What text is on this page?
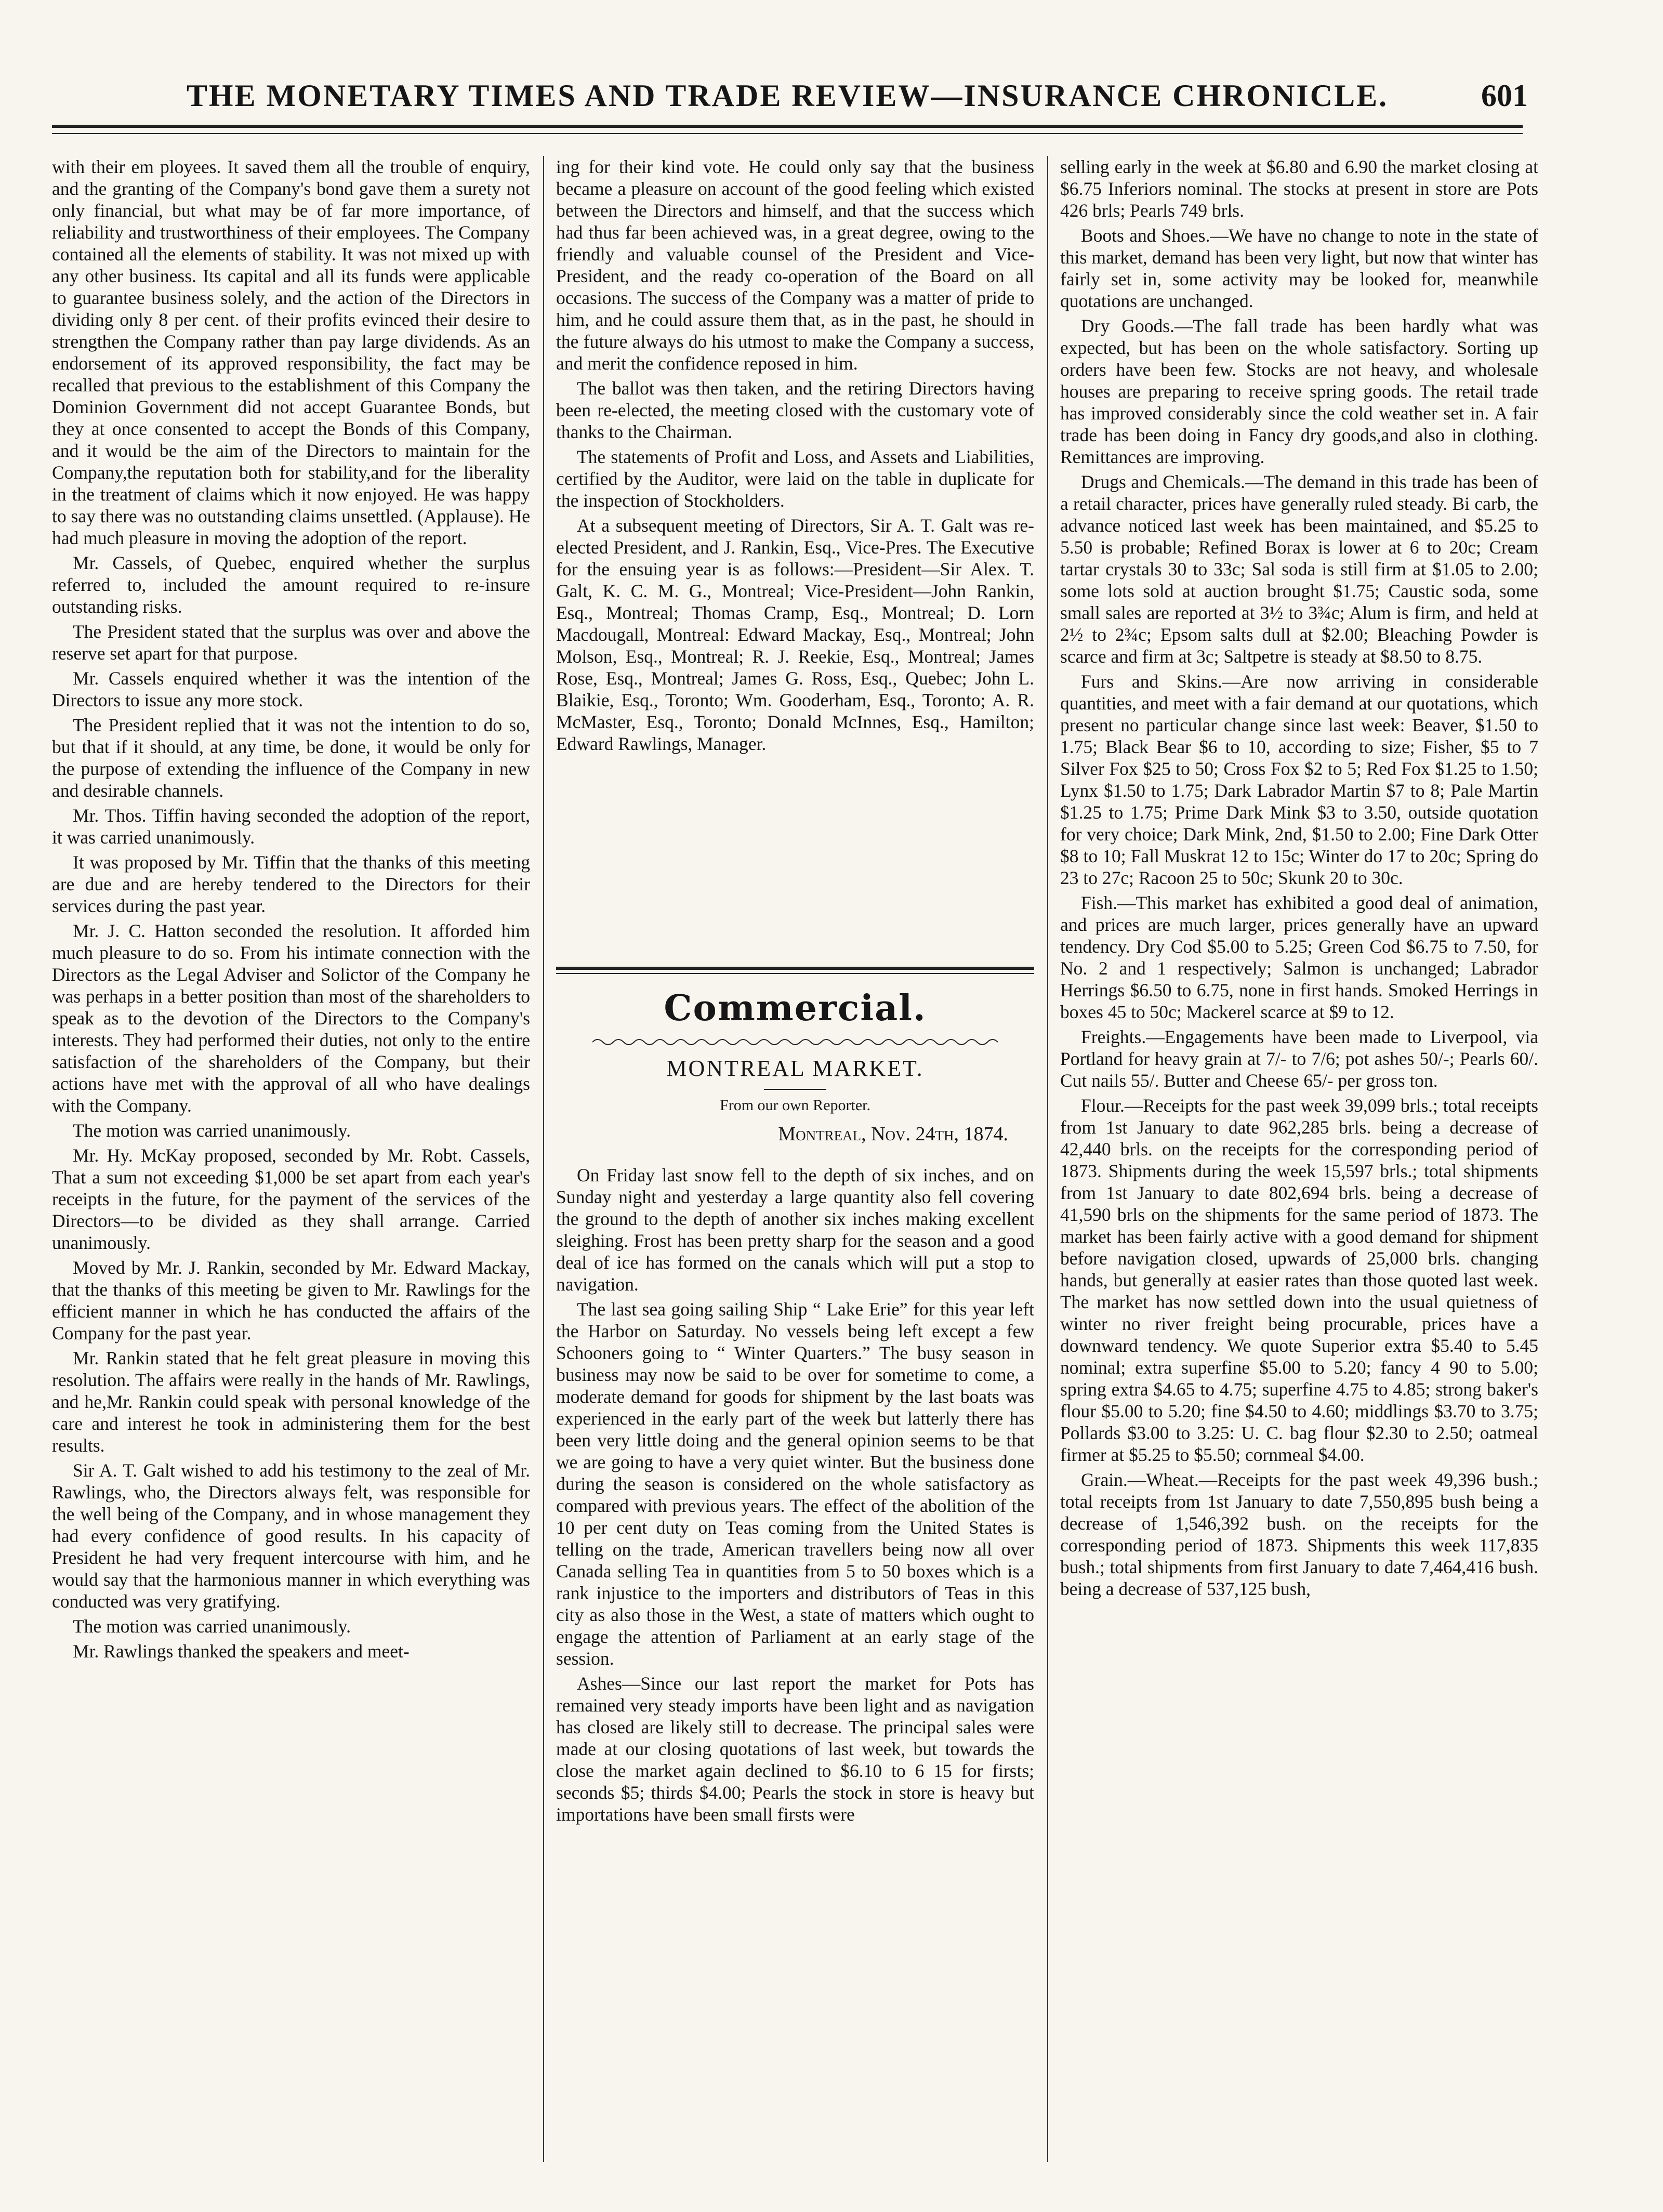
THE MONETARY TIMES AND TRADE REVIEW—INSURANCE CHRONICLE.	601

with their em ployees. It saved them all the trouble of enquiry, and the granting of the Company's bond gave them a surety not only financial, but what may be of far more importance, of reliability and trustworthiness of their employees. The Company contained all the elements of stability. It was not mixed up with any other business. Its capital and all its funds were applicable to guarantee business solely, and the action of the Directors in dividing only 8 per cent. of their profits evinced their desire to strengthen the Company rather than pay large dividends. As an endorsement of its approved responsibility, the fact may be recalled that previous to the establishment of this Company the Dominion Government did not accept Guarantee Bonds, but they at once consented to accept the Bonds of this Company, and it would be the aim of the Directors to maintain for the Company,the reputation both for stability,and for the liberality in the treatment of claims which it now enjoyed. He was happy to say there was no outstanding claims unsettled. (Applause). He had much pleasure in moving the adoption of the report.

Mr. Cassels, of Quebec, enquired whether the surplus referred to, included the amount required to re-insure outstanding risks.

The President stated that the surplus was over and above the reserve set apart for that purpose.

Mr. Cassels enquired whether it was the intention of the Directors to issue any more stock.

The President replied that it was not the intention to do so, but that if it should, at any time, be done, it would be only for the purpose of extending the influence of the Company in new and desirable channels.

Mr. Thos. Tiffin having seconded the adoption of the report, it was carried unanimously.

It was proposed by Mr. Tiffin that the thanks of this meeting are due and are hereby tendered to the Directors for their services during the past year.

Mr. J. C. Hatton seconded the resolution. It afforded him much pleasure to do so. From his intimate connection with the Directors as the Legal Adviser and Solictor of the Company he was perhaps in a better position than most of the shareholders to speak as to the devotion of the Directors to the Company's interests. They had performed their duties, not only to the entire satisfaction of the shareholders of the Company, but their actions have met with the approval of all who have dealings with the Company.

The motion was carried unanimously.

Mr. Hy. McKay proposed, seconded by Mr. Robt. Cassels, That a sum not exceeding $1,000 be set apart from each year's receipts in the future, for the payment of the services of the Directors—to be divided as they shall arrange. Carried unanimously.

Moved by Mr. J. Rankin, seconded by Mr. Edward Mackay, that the thanks of this meeting be given to Mr. Rawlings for the efficient manner in which he has conducted the affairs of the Company for the past year.

Mr. Rankin stated that he felt great pleasure in moving this resolution. The affairs were really in the hands of Mr. Rawlings, and he,Mr. Rankin could speak with personal knowledge of the care and interest he took in administering them for the best results.

Sir A. T. Galt wished to add his testimony to the zeal of Mr. Rawlings, who, the Directors always felt, was responsible for the well being of the Company, and in whose management they had every confidence of good results. In his capacity of President he had very frequent intercourse with him, and he would say that the harmonious manner in which everything was conducted was very gratifying.

The motion was carried unanimously.

Mr. Rawlings thanked the speakers and meet-

ing for their kind vote. He could only say that the business became a pleasure on account of the good feeling which existed between the Directors and himself, and that the success which had thus far been achieved was, in a great degree, owing to the friendly and valuable counsel of the President and Vice-President, and the ready co-operation of the Board on all occasions. The success of the Company was a matter of pride to him, and he could assure them that, as in the past, he should in the future always do his utmost to make the Company a success, and merit the confidence reposed in him.

The ballot was then taken, and the retiring Directors having been re-elected, the meeting closed with the customary vote of thanks to the Chairman.

The statements of Profit and Loss, and Assets and Liabilities, certified by the Auditor, were laid on the table in duplicate for the inspection of Stockholders.

At a subsequent meeting of Directors, Sir A. T. Galt was re-elected President, and J. Rankin, Esq., Vice-Pres. The Executive for the ensuing year is as follows:—President—Sir Alex. T. Galt, K. C. M. G., Montreal; Vice-President—John Rankin, Esq., Montreal; Thomas Cramp, Esq., Montreal; D. Lorn Macdougall, Montreal: Edward Mackay, Esq., Montreal; John Molson, Esq., Montreal; R. J. Reekie, Esq., Montreal; James Rose, Esq., Montreal; James G. Ross, Esq., Quebec; John L. Blaikie, Esq., Toronto; Wm. Gooderham, Esq., Toronto; A. R. McMaster, Esq., Toronto; Donald McInnes, Esq., Hamilton; Edward Rawlings, Manager.

Commercial.
MONTREAL MARKET.
From our own Reporter.
Montreal, Nov. 24th, 1874.

On Friday last snow fell to the depth of six inches, and on Sunday night and yesterday a large quantity also fell covering the ground to the depth of another six inches making excellent sleighing. Frost has been pretty sharp for the season and a good deal of ice has formed on the canals which will put a stop to navigation.

The last sea going sailing Ship “ Lake Erie” for this year left the Harbor on Saturday. No vessels being left except a few Schooners going to “ Winter Quarters.” The busy season in business may now be said to be over for sometime to come, a moderate demand for goods for shipment by the last boats was experienced in the early part of the week but latterly there has been very little doing and the general opinion seems to be that we are going to have a very quiet winter. But the business done during the season is considered on the whole satisfactory as compared with previous years. The effect of the abolition of the 10 per cent duty on Teas coming from the United States is telling on the trade, American travellers being now all over Canada selling Tea in quantities from 5 to 50 boxes which is a rank injustice to the importers and distributors of Teas in this city as also those in the West, a state of matters which ought to engage the attention of Parliament at an early stage of the session.

Ashes—Since our last report the market for Pots has remained very steady imports have been light and as navigation has closed are likely still to decrease. The principal sales were made at our closing quotations of last week, but towards the close the market again declined to $6.10 to 6 15 for firsts; seconds $5; thirds $4.00; Pearls the stock in store is heavy but importations have been small firsts were

selling early in the week at $6.80 and 6.90 the market closing at $6.75 Inferiors nominal. The stocks at present in store are Pots 426 brls; Pearls 749 brls.

Boots and Shoes.—We have no change to note in the state of this market, demand has been very light, but now that winter has fairly set in, some activity may be looked for, meanwhile quotations are unchanged.

Dry Goods.—The fall trade has been hardly what was expected, but has been on the whole satisfactory. Sorting up orders have been few. Stocks are not heavy, and wholesale houses are preparing to receive spring goods. The retail trade has improved considerably since the cold weather set in. A fair trade has been doing in Fancy dry goods,and also in clothing. Remittances are improving.

Drugs and Chemicals.—The demand in this trade has been of a retail character, prices have generally ruled steady. Bi carb, the advance noticed last week has been maintained, and $5.25 to 5.50 is probable; Refined Borax is lower at 6 to 20c; Cream tartar crystals 30 to 33c; Sal soda is still firm at $1.05 to 2.00; some lots sold at auction brought $1.75; Caustic soda, some small sales are reported at 3½ to 3¾c; Alum is firm, and held at 2½ to 2¾c; Epsom salts dull at $2.00; Bleaching Powder is scarce and firm at 3c; Saltpetre is steady at $8.50 to 8.75.

Furs and Skins.—Are now arriving in considerable quantities, and meet with a fair demand at our quotations, which present no particular change since last week: Beaver, $1.50 to 1.75; Black Bear $6 to 10, according to size; Fisher, $5 to 7 Silver Fox $25 to 50; Cross Fox $2 to 5; Red Fox $1.25 to 1.50; Lynx $1.50 to 1.75; Dark Labrador Martin $7 to 8; Pale Martin $1.25 to 1.75; Prime Dark Mink $3 to 3.50, outside quotation for very choice; Dark Mink, 2nd, $1.50 to 2.00; Fine Dark Otter $8 to 10; Fall Muskrat 12 to 15c; Winter do 17 to 20c; Spring do 23 to 27c; Racoon 25 to 50c; Skunk 20 to 30c.

Fish.—This market has exhibited a good deal of animation, and prices are much larger, prices generally have an upward tendency. Dry Cod $5.00 to 5.25; Green Cod $6.75 to 7.50, for No. 2 and 1 respectively; Salmon is unchanged; Labrador Herrings $6.50 to 6.75, none in first hands. Smoked Herrings in boxes 45 to 50c; Mackerel scarce at $9 to 12.

Freights.—Engagements have been made to Liverpool, via Portland for heavy grain at 7/- to 7/6; pot ashes 50/-; Pearls 60/. Cut nails 55/. Butter and Cheese 65/- per gross ton.

Flour.—Receipts for the past week 39,099 brls.; total receipts from 1st January to date 962,285 brls. being a decrease of 42,440 brls. on the receipts for the corresponding period of 1873. Shipments during the week 15,597 brls.; total shipments from 1st January to date 802,694 brls. being a decrease of 41,590 brls on the shipments for the same period of 1873. The market has been fairly active with a good demand for shipment before navigation closed, upwards of 25,000 brls. changing hands, but generally at easier rates than those quoted last week. The market has now settled down into the usual quietness of winter no river freight being procurable, prices have a downward tendency. We quote Superior extra $5.40 to 5.45 nominal; extra superfine $5.00 to 5.20; fancy 4 90 to 5.00; spring extra $4.65 to 4.75; superfine 4.75 to 4.85; strong baker's flour $5.00 to 5.20; fine $4.50 to 4.60; middlings $3.70 to 3.75; Pollards $3.00 to 3.25: U. C. bag flour $2.30 to 2.50; oatmeal firmer at $5.25 to $5.50; cornmeal $4.00.

Grain.—Wheat.—Receipts for the past week 49,396 bush.; total receipts from 1st January to date 7,550,895 bush being a decrease of 1,546,392 bush. on the receipts for the corresponding period of 1873. Shipments this week 117,835 bush.; total shipments from first January to date 7,464,416 bush. being a decrease of 537,125 bush,
